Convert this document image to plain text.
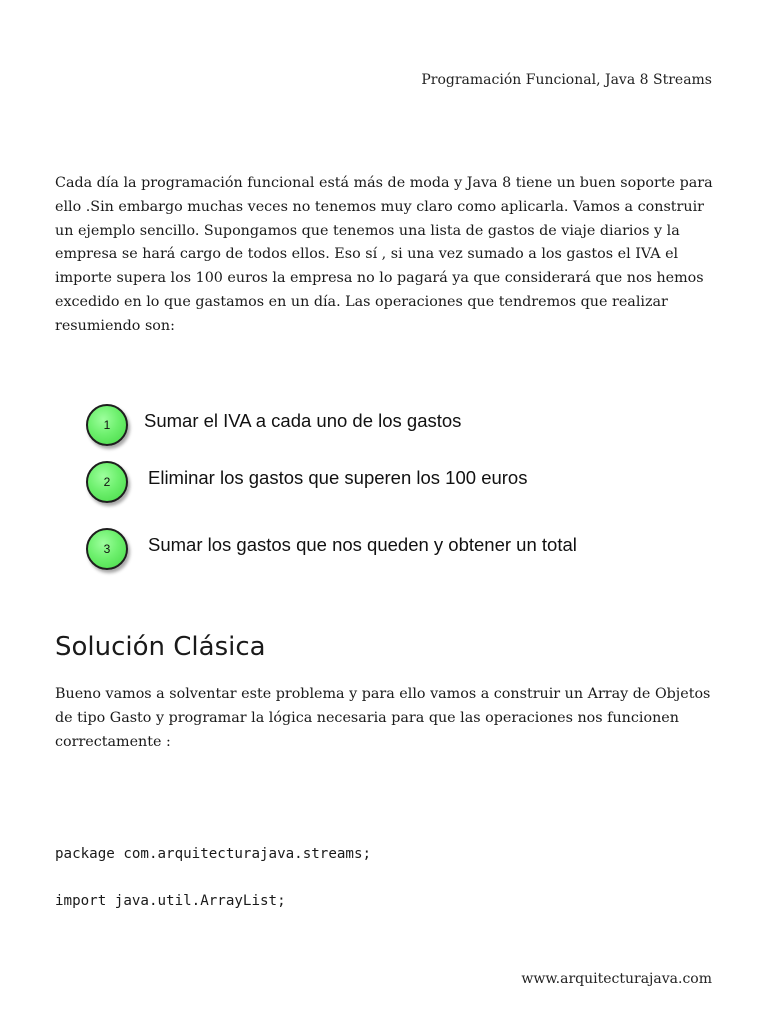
Programación Funcional, Java 8 Streams

Cada día la programación funcional está más de moda y Java 8 tiene un buen soporte para ello .Sin embargo muchas veces no tenemos muy claro como aplicarla. Vamos a construir un ejemplo sencillo. Supongamos que tenemos una lista de gastos de viaje diarios y la empresa se hará cargo de todos ellos. Eso sí , si una vez sumado a los gastos el IVA el importe supera los 100 euros la empresa no lo pagará ya que considerará que nos hemos excedido en lo que gastamos en un día. Las operaciones que tendremos que realizar resumiendo son:

1	Sumar el IVA a cada uno de los gastos
2	Eliminar los gastos que superen los 100 euros
3	Sumar los gastos que nos queden y obtener un total
Solución Clásica

Bueno vamos a solventar este problema y para ello vamos a construir un Array de Objetos de tipo Gasto y programar la lógica necesaria para que las operaciones nos funcionen correctamente :

package com.arquitecturajava.streams;
import java.util.ArrayList;
www.arquitecturajava.com
